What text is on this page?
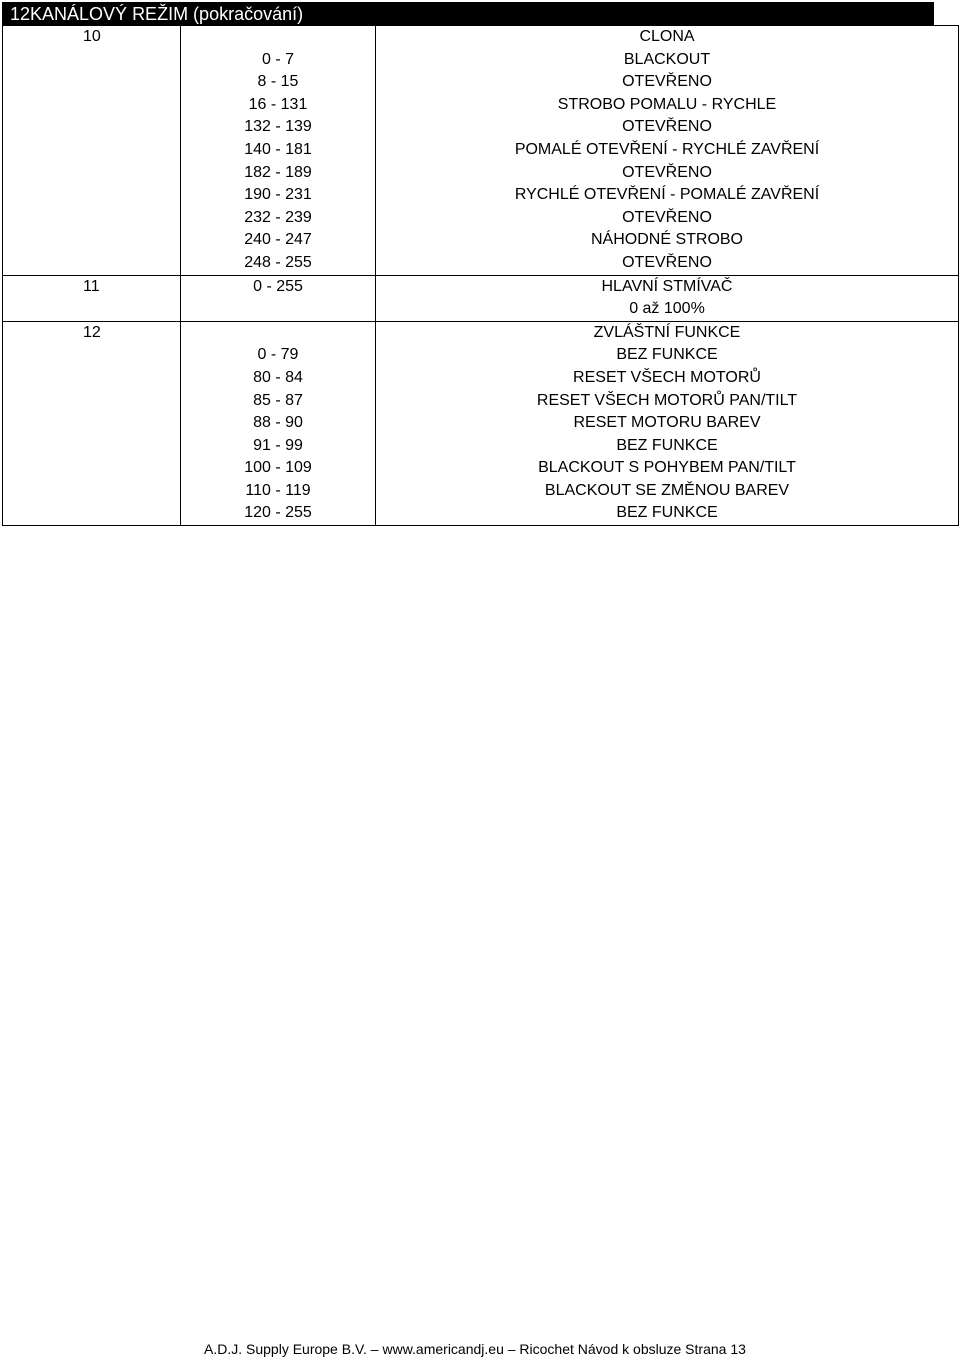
12KANÁLOVÝ REŽIM (pokračování)
10		CLONA
	0 - 7	BLACKOUT
	8 - 15	OTEVŘENO
	16 - 131	STROBO POMALU - RYCHLE
	132 - 139	OTEVŘENO
	140 - 181	POMALÉ OTEVŘENÍ - RYCHLÉ ZAVŘENÍ
	182 - 189	OTEVŘENO
	190 - 231	RYCHLÉ OTEVŘENÍ - POMALÉ ZAVŘENÍ
	232 - 239	OTEVŘENO
	240 - 247	NÁHODNÉ STROBO
	248 - 255	OTEVŘENO
11	0 - 255	HLAVNÍ STMÍVAČ
		0 až 100%
12		ZVLÁŠTNÍ FUNKCE
	0 - 79	BEZ FUNKCE
	80 - 84	RESET VŠECH MOTORŮ
	85 - 87	RESET VŠECH MOTORŮ PAN/TILT
	88 - 90	RESET MOTORU BAREV
	91 - 99	BEZ FUNKCE
	100 - 109	BLACKOUT S POHYBEM PAN/TILT
	110 - 119	BLACKOUT SE ZMĚNOU BAREV
	120 - 255	BEZ FUNKCE
A.D.J. Supply Europe B.V. – www.americandj.eu – Ricochet Návod k obsluze Strana 13
